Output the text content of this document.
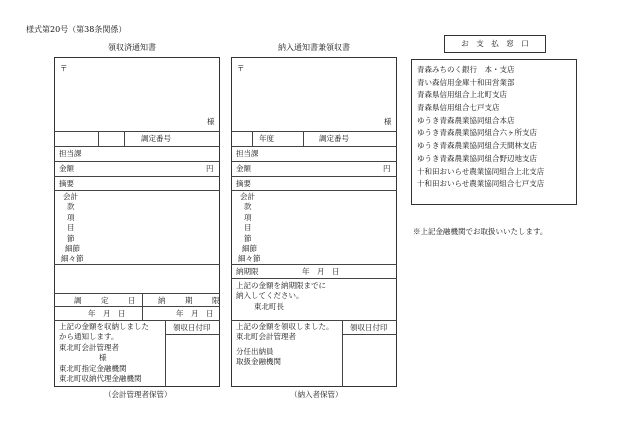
様式第20号（第38条関係）
領収済通知書
〒
様
調定番号
担当課
金額	円
摘要
会計
款
項
目
節
細節
細々節
調　定　日 納　期　限
年　月　日	年　月　日
領収日付印
上記の金額を収納しました
から通知します。
東北町会計管理者
様
東北町指定金融機関
東北町収納代理金融機関
（会計管理者保管）
納入通知書兼領収書
〒
様
年度	調定番号
担当課
金額	円
摘要
会計
款
項
目
節
細節
細々節
納期限	年　月　日
上記の金額を納期限までに
納入してください。
東北町長
領収日付印
上記の金額を領収しました。
東北町会計管理者
分任出納員
取扱金融機関
（納入者保管）
お　支　払　窓　口
青森みちのく銀行　本・支店
青い森信用金庫十和田営業部
青森県信用組合上北町支店
青森県信用組合七戸支店
ゆうき青森農業協同組合本店
ゆうき青森農業協同組合六ヶ所支店
ゆうき青森農業協同組合天間林支店
ゆうき青森農業協同組合野辺地支店
十和田おいらせ農業協同組合上北支店
十和田おいらせ農業協同組合七戸支店
※上記金融機関でお取扱いいたします。
